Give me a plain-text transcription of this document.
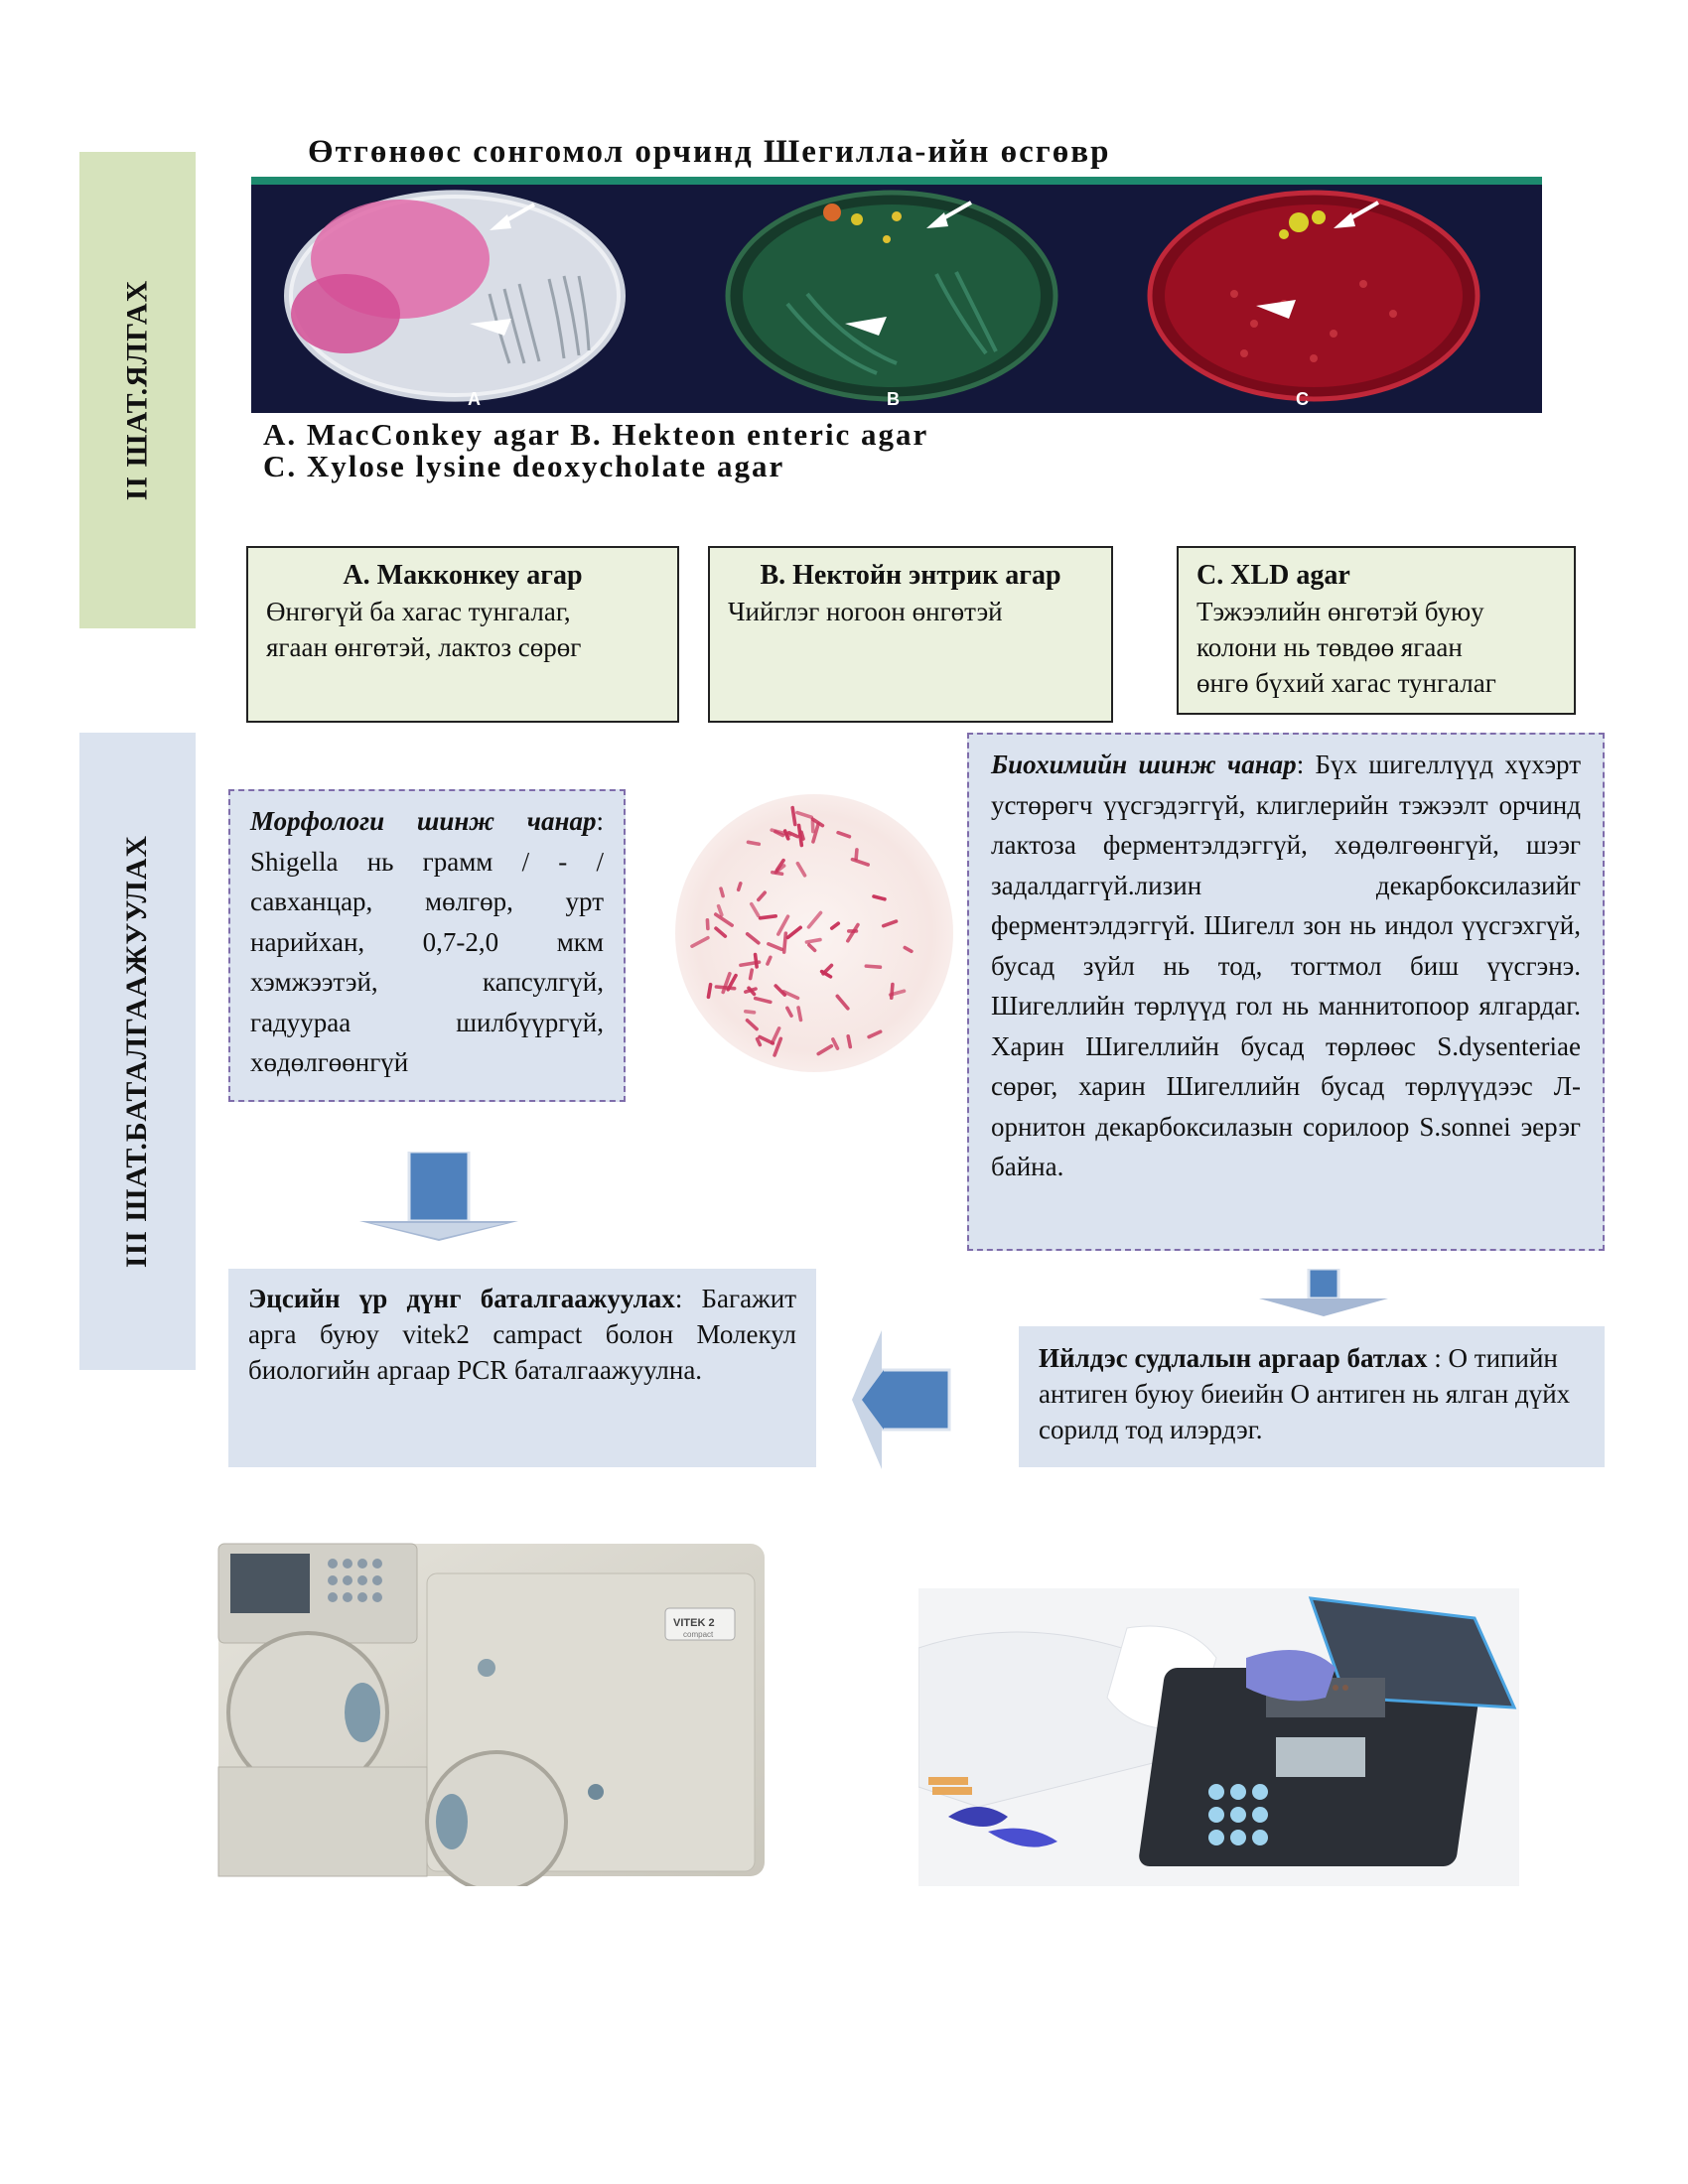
II ШАТ.ЯЛГАХ
III ШАТ.БАТАЛГААЖУУЛАХ
Өтгөнөөс сонгомол орчинд Шегилла-ийн өсгөвр
A	B	C
A. MacConkey agar B. Hekteon enteric agar
C. Xylose lysine deoxycholate agar
A. Макконкеу агар
Өнгөгүй ба хагас тунгалаг,
ягаан өнгөтэй, лактоз сөрөг
B. Нектойн энтрик агар
Чийглэг ногоон өнгөтэй
C. XLD agar
Тэжээлийн өнгөтэй буюу
колони нь төвдөө ягаан
өнгө бүхий хагас тунгалаг
Морфологи шинж чанар: Shigella нь грамм / - / савханцар, мөлгөр, урт нарийхан, 0,7-2,0 мкм хэмжээтэй, капсулгүй, гадуураа шилбүүргүй, хөдөлгөөнгүй
Биохимийн шинж чанар: Бүх шигеллүүд хүхэрт устөрөгч үүсгэдэггүй, клиглерийн тэжээлт орчинд лактоза ферментэлдэггүй, хөдөлгөөнгүй, шээг задалдаггүй.лизин декарбоксилазийг ферментэлдэггүй. Шигелл зон нь индол үүсгэхгүй, бусад зүйл нь тод, тогтмол биш үүсгэнэ. Шигеллийн төрлүүд гол нь маннитопоор ялгардаг. Харин Шигеллийн бусад төрлөөс S.dysenteriae сөрөг, харин Шигеллийн бусад төрлүүдээс Л-орнитон декарбоксилазын сорилоор S.sonnei эерэг байна.
Эцсийн үр дүнг баталгаажуулах: Багажит арга буюу vitek2 campact болон Молекул биологийн аргаар PCR баталгаажуулна.	Ийлдэс судлалын аргаар батлах : О типийн антиген буюу биеийн О антиген нь ялган дүйх сорилд тод илэрдэг.
VITEK 2
compact
